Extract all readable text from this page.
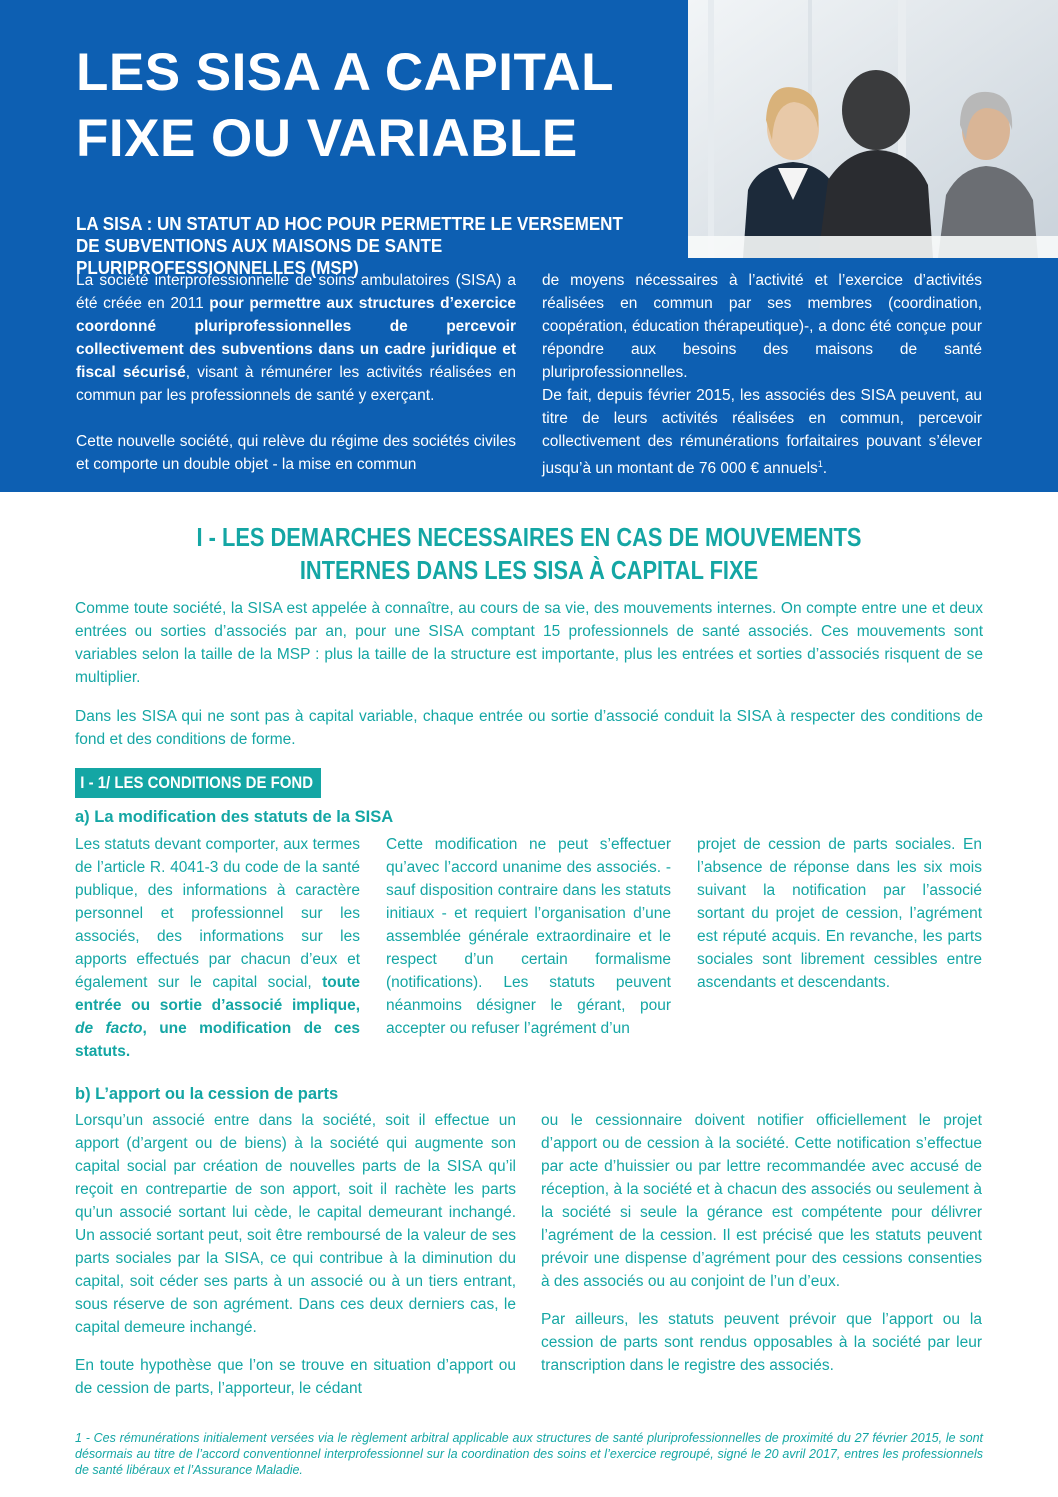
LES SISA A CAPITAL
FIXE OU VARIABLE
LA SISA : UN STATUT AD HOC POUR PERMETTRE LE VERSEMENT
DE SUBVENTIONS AUX MAISONS DE SANTE PLURIPROFESSIONNELLES (MSP)

La société interprofessionnelle de soins ambulatoires (SISA) a été créée en 2011 pour permettre aux structures d’exercice coordonné pluriprofessionnelles de percevoir collectivement des subventions dans un cadre juridique et fiscal sécurisé, visant à rémunérer les activités réalisées en commun par les professionnels de santé y exerçant.

Cette nouvelle société, qui relève du régime des sociétés civiles et comporte un double objet - la mise en commun

de moyens nécessaires à l’activité et l’exercice d’activités réalisées en commun par ses membres (coordination, coopération, éducation thérapeutique)-, a donc été conçue pour répondre aux besoins des maisons de santé pluriprofessionnelles.

De fait, depuis février 2015, les associés des SISA peuvent, au titre de leurs activités réalisées en commun, percevoir collectivement des rémunérations forfaitaires pouvant s’élever jusqu’à un montant de 76 000 € annuels$^1$.

I - LES DEMARCHES NECESSAIRES EN CAS DE MOUVEMENTS
INTERNES DANS LES SISA À CAPITAL FIXE
Comme toute société, la SISA est appelée à connaître, au cours de sa vie, des mouvements internes. On compte entre une et deux entrées ou sorties d’associés par an, pour une SISA comptant 15 professionnels de santé associés. Ces mouvements sont variables selon la taille de la MSP : plus la taille de la structure est importante, plus les entrées et sorties d’associés risquent de se multiplier.
Dans les SISA qui ne sont pas à capital variable, chaque entrée ou sortie d’associé conduit la SISA à respecter des conditions de fond et des conditions de forme.
I - 1/ LES CONDITIONS DE FOND
a) La modification des statuts de la SISA

Les statuts devant comporter, aux termes de l’article R. 4041-3 du code de la santé publique, des informations à caractère personnel et professionnel sur les associés, des informations sur les apports effectués par chacun d’eux et également sur le capital social, toute entrée ou sortie d’associé implique, de facto, une modification de ces statuts.

Cette modification ne peut s’effectuer qu’avec l’accord unanime des associés. - sauf disposition contraire dans les statuts initiaux - et requiert l’organisation d’une assemblée générale extraordinaire et le respect d’un certain formalisme (notifications). Les statuts peuvent néanmoins désigner le gérant, pour accepter ou refuser l’agrément d’un
projet de cession de parts sociales. En l’absence de réponse dans les six mois suivant la notification par l’associé sortant du projet de cession, l’agrément est réputé acquis. En revanche, les parts sociales sont librement cessibles entre ascendants et descendants.
b) L’apport ou la cession de parts

Lorsqu’un associé entre dans la société, soit il effectue un apport (d’argent ou de biens) à la société qui augmente son capital social par création de nouvelles parts de la SISA qu’il reçoit en contrepartie de son apport, soit il rachète les parts qu’un associé sortant lui cède, le capital demeurant inchangé. Un associé sortant peut, soit être remboursé de la valeur de ses parts sociales par la SISA, ce qui contribue à la diminution du capital, soit céder ses parts à un associé ou à un tiers entrant, sous réserve de son agrément. Dans ces deux derniers cas, le capital demeure inchangé.

En toute hypothèse que l’on se trouve en situation d’apport ou de cession de parts, l’apporteur, le cédant

ou le cessionnaire doivent notifier officiellement le projet d’apport ou de cession à la société. Cette notification s’effectue par acte d’huissier ou par lettre recommandée avec accusé de réception, à la société et à chacun des associés ou seulement à la société si seule la gérance est compétente pour délivrer l’agrément de la cession. Il est précisé que les statuts peuvent prévoir une dispense d’agrément pour des cessions consenties à des associés ou au conjoint de l’un d’eux.

Par ailleurs, les statuts peuvent prévoir que l’apport ou la cession de parts sont rendus opposables à la société par leur transcription dans le registre des associés.

1 - Ces rémunérations initialement versées via le règlement arbitral applicable aux structures de santé pluriprofessionnelles de proximité du 27 février 2015, le sont désormais au titre de l’accord conventionnel interprofessionnel sur la coordination des soins et l’exercice regroupé, signé le 20 avril 2017, entres les professionnels de santé libéraux et l’Assurance Maladie.
